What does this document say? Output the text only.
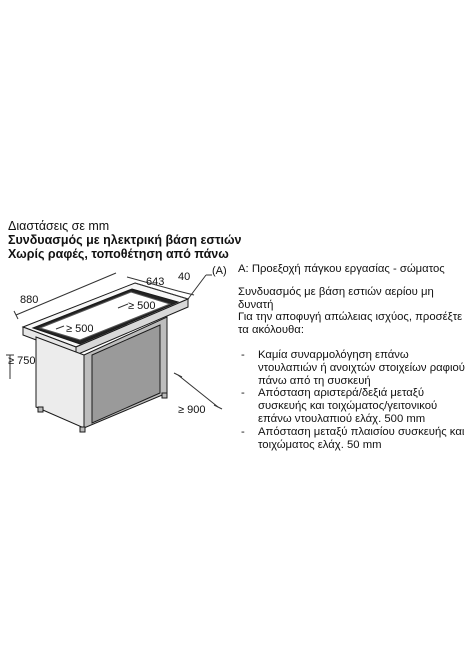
Διαστάσεις σε mm
Συνδυασμός με ηλεκτρική βάση εστιών
Χωρίς ραφές, τοποθέτηση από πάνω
880
643 40 (A)
≥ 500
≥ 500
≥ 750
≥ 900
A: Προεξοχή πάγκου εργασίας - σώματος
Συνδυασμός με βάση εστιών αερίου μη δυνατή
Για την αποφυγή απώλειας ισχύος, προσέξτε τα ακόλουθα:
- Καμία συναρμολόγηση επάνω ντουλαπιών ή ανοιχτών στοιχείων ραφιού πάνω από τη συσκευή
- Απόσταση αριστερά/δεξιά μεταξύ συσκευής και τοιχώματος/γειτονικού επάνω ντουλαπιού ελάχ. 500 mm
- Απόσταση μεταξύ πλαισίου συσκευής και τοιχώματος ελάχ. 50 mm
